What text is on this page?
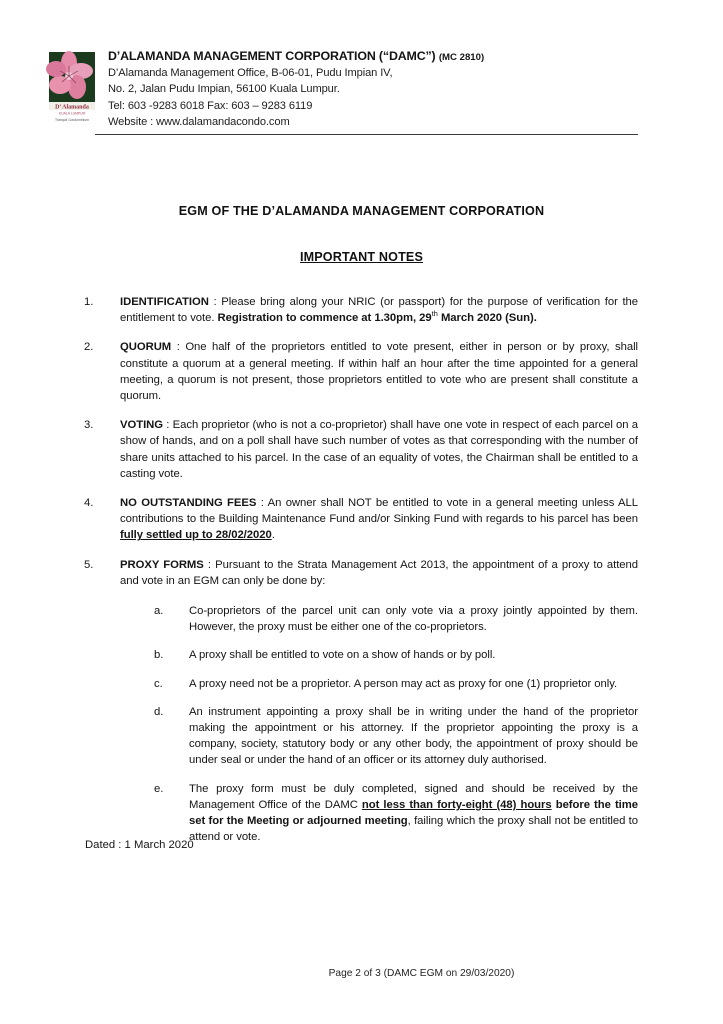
D’ Alamanda
KUALA LUMPUR
Tranquil Condominium
D’ALAMANDA MANAGEMENT CORPORATION (“DAMC”) (MC 2810)
D’Alamanda Management Office, B-06-01, Pudu Impian IV,
No. 2, Jalan Pudu Impian, 56100 Kuala Lumpur.
Tel: 603 -9283 6018 Fax: 603 – 9283 6119
Website : www.dalamandacondo.com
EGM OF THE D’ALAMANDA MANAGEMENT CORPORATION
IMPORTANT NOTES
1.	IDENTIFICATION : Please bring along your NRIC (or passport) for the purpose of verification for the entitlement to vote. Registration to commence at 1.30pm, 29th March 2020 (Sun).
2.	QUORUM : One half of the proprietors entitled to vote present, either in person or by proxy, shall constitute a quorum at a general meeting. If within half an hour after the time appointed for a general meeting, a quorum is not present, those proprietors entitled to vote who are present shall constitute a quorum.
3.	VOTING : Each proprietor (who is not a co-proprietor) shall have one vote in respect of each parcel on a show of hands, and on a poll shall have such number of votes as that corresponding with the number of share units attached to his parcel. In the case of an equality of votes, the Chairman shall be entitled to a casting vote.
4.	NO OUTSTANDING FEES : An owner shall NOT be entitled to vote in a general meeting unless ALL contributions to the Building Maintenance Fund and/or Sinking Fund with regards to his parcel has been fully settled up to 28/02/2020.
5.	PROXY FORMS : Pursuant to the Strata Management Act 2013, the appointment of a proxy to attend and vote in an EGM can only be done by:
a.	Co-proprietors of the parcel unit can only vote via a proxy jointly appointed by them. However, the proxy must be either one of the co-proprietors.
b.	A proxy shall be entitled to vote on a show of hands or by poll.
c.	A proxy need not be a proprietor. A person may act as proxy for one (1) proprietor only.
d.	An instrument appointing a proxy shall be in writing under the hand of the proprietor making the appointment or his attorney. If the proprietor appointing the proxy is a company, society, statutory body or any other body, the appointment of proxy should be under seal or under the hand of an officer or its attorney duly authorised.
e.	The proxy form must be duly completed, signed and should be received by the Management Office of the DAMC not less than forty-eight (48) hours before the time set for the Meeting or adjourned meeting, failing which the proxy shall not be entitled to attend or vote.
Dated : 1 March 2020
Page 2 of 3 (DAMC EGM on 29/03/2020)
